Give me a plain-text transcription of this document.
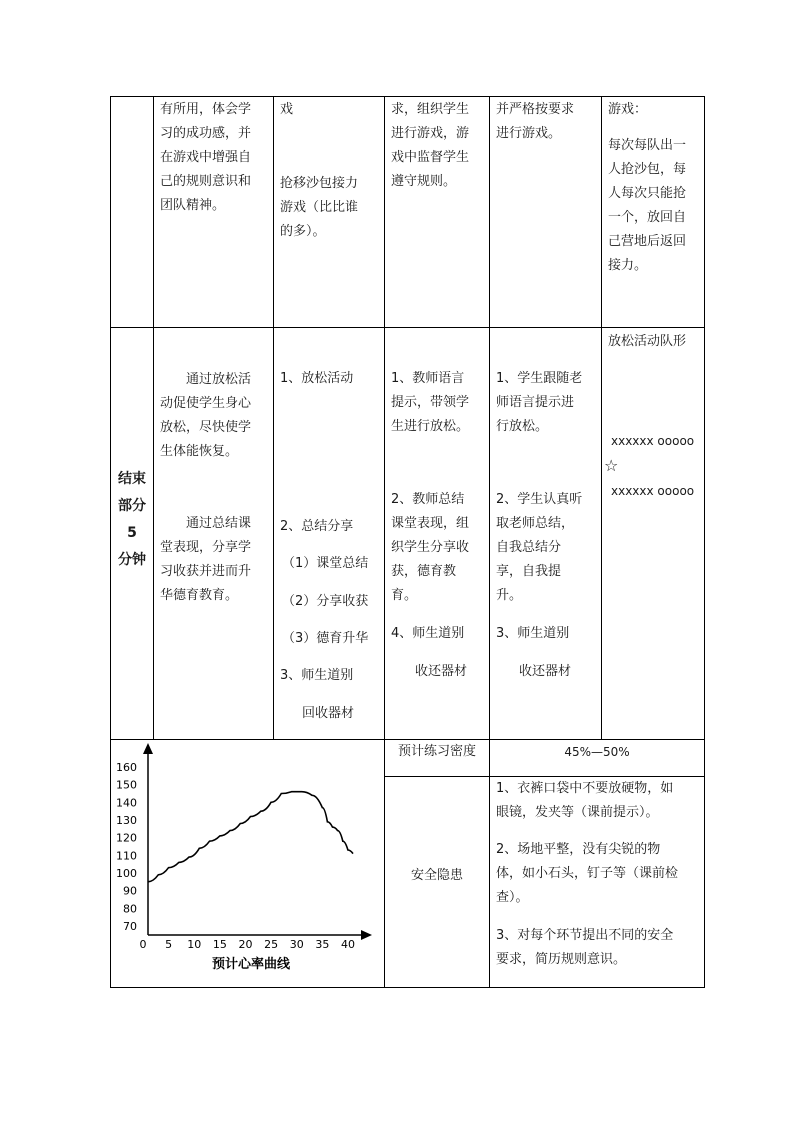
有所用，体会学
习的成功感，并
在游戏中增强自
己的规则意识和
团队精神。
戏
抢移沙包接力
游戏（比比谁
的多）。
求，组织学生
进行游戏，游
戏中监督学生
遵守规则。
并严格按要求
进行游戏。
游戏：
每次每队出一
人抢沙包，每
人每次只能抢
一个，放回自
己营地后返回
接力。
结束
部分
5
分钟
　　通过放松活
动促使学生身心
放松，尽快使学
生体能恢复。
　　通过总结课
堂表现，分享学
习收获并进而升
华德育教育。
1、放松活动
2、总结分享
（1）课堂总结
（2）分享收获
（3）德育升华
3、师生道别
回收器材
1、教师语言
提示，带领学
生进行放松。
2、教师总结
课堂表现，组
织学生分享收
获，德育教
育。
4、师生道别
收还器材
1、学生跟随老
师语言提示进
行放松。
2、学生认真听
取老师总结，
自我总结分
享，自我提
升。
3、师生道别
收还器材
放松活动队形
xxxxxx ooooo
☆
xxxxxx ooooo
预计练习密度	45%—50%
安全隐患
1、衣裤口袋中不要放硬物，如
眼镜，发夹等（课前提示）。
2、场地平整，没有尖锐的物
体，如小石头，钉子等（课前检
查）。
3、对每个环节提出不同的安全
要求，简历规则意识。
70
80
90
100
110
120
130
140
150
160
0 5 10 15 20 25 30 35 40
预计心率曲线
